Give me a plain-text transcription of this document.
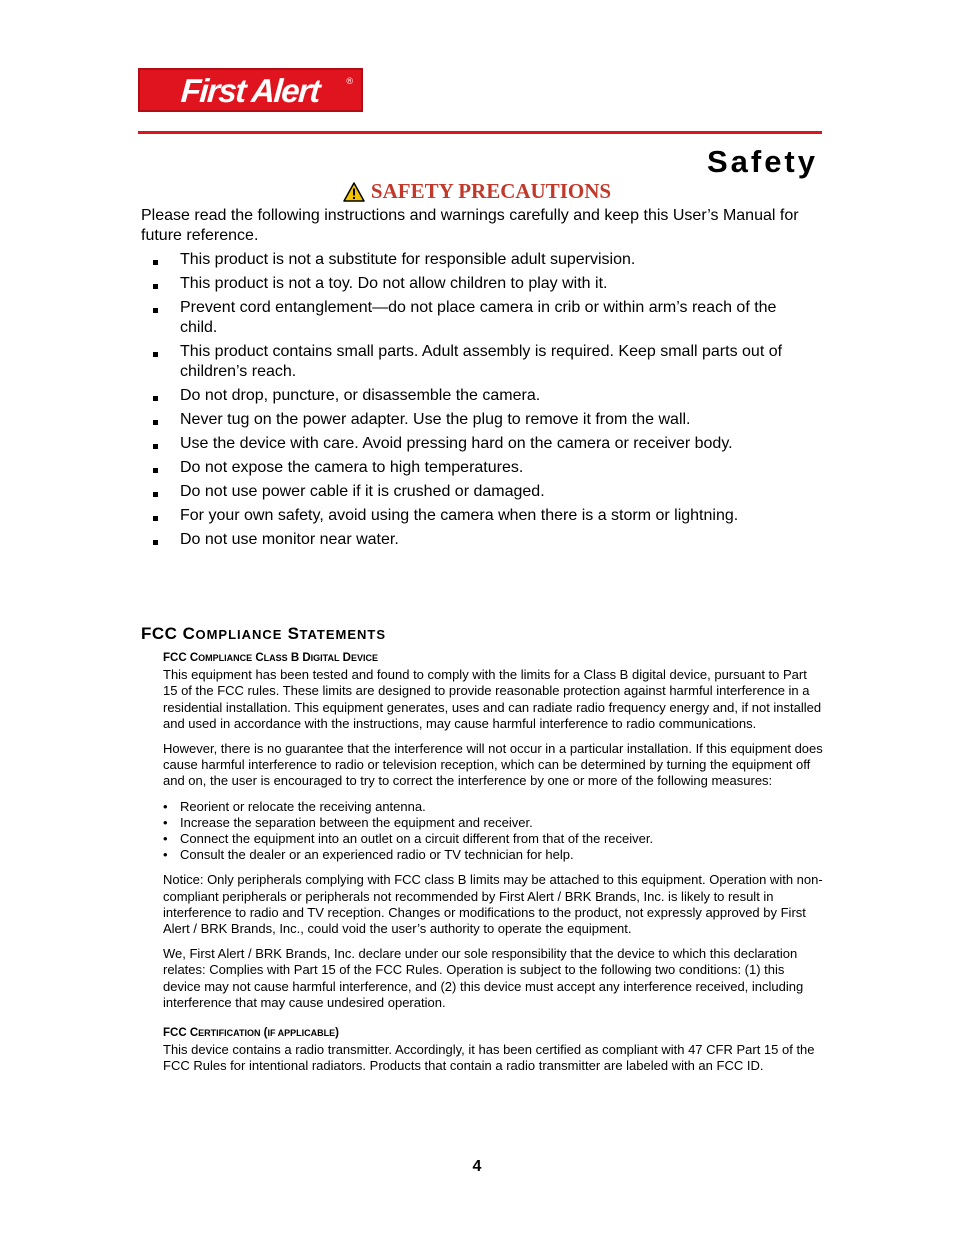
First Alert	®
Safety
SAFETY PRECAUTIONS

Please read the following instructions and warnings carefully and keep this User’s Manual for future reference.

This product is not a substitute for responsible adult supervision.
This product is not a toy. Do not allow children to play with it.
Prevent cord entanglement—do not place camera in crib or within arm’s reach of the child.
This product contains small parts. Adult assembly is required. Keep small parts out of children’s reach.
Do not drop, puncture, or disassemble the camera.
Never tug on the power adapter. Use the plug to remove it from the wall.
Use the device with care. Avoid pressing hard on the camera or receiver body.
Do not expose the camera to high temperatures.
Do not use power cable if it is crushed or damaged.
For your own safety, avoid using the camera when there is a storm or lightning.
Do not use monitor near water.
FCC COMPLIANCE STATEMENTS
FCC COMPLIANCE CLASS B DIGITAL DEVICE

This equipment has been tested and found to comply with the limits for a Class B digital device, pursuant to Part 15 of the FCC rules. These limits are designed to provide reasonable protection against harmful interference in a residential installation. This equipment generates, uses and can radiate radio frequency energy and, if not installed and used in accordance with the instructions, may cause harmful interference to radio communications.

However, there is no guarantee that the interference will not occur in a particular installation. If this equipment does cause harmful interference to radio or television reception, which can be determined by turning the equipment off and on, the user is encouraged to try to correct the interference by one or more of the following measures:

• Reorient or relocate the receiving antenna.
• Increase the separation between the equipment and receiver.
• Connect the equipment into an outlet on a circuit different from that of the receiver.
• Consult the dealer or an experienced radio or TV technician for help.

Notice: Only peripherals complying with FCC class B limits may be attached to this equipment. Operation with non-compliant peripherals or peripherals not recommended by First Alert / BRK Brands, Inc. is likely to result in interference to radio and TV reception. Changes or modifications to the product, not expressly approved by First Alert / BRK Brands, Inc., could void the user’s authority to operate the equipment.

We, First Alert / BRK Brands, Inc. declare under our sole responsibility that the device to which this declaration relates: Complies with Part 15 of the FCC Rules. Operation is subject to the following two conditions: (1) this device may not cause harmful interference, and (2) this device must accept any interference received, including interference that may cause undesired operation.

FCC CERTIFICATION (IF APPLICABLE)

This device contains a radio transmitter. Accordingly, it has been certified as compliant with 47 CFR Part 15 of the FCC Rules for intentional radiators. Products that contain a radio transmitter are labeled with an FCC ID.

4
